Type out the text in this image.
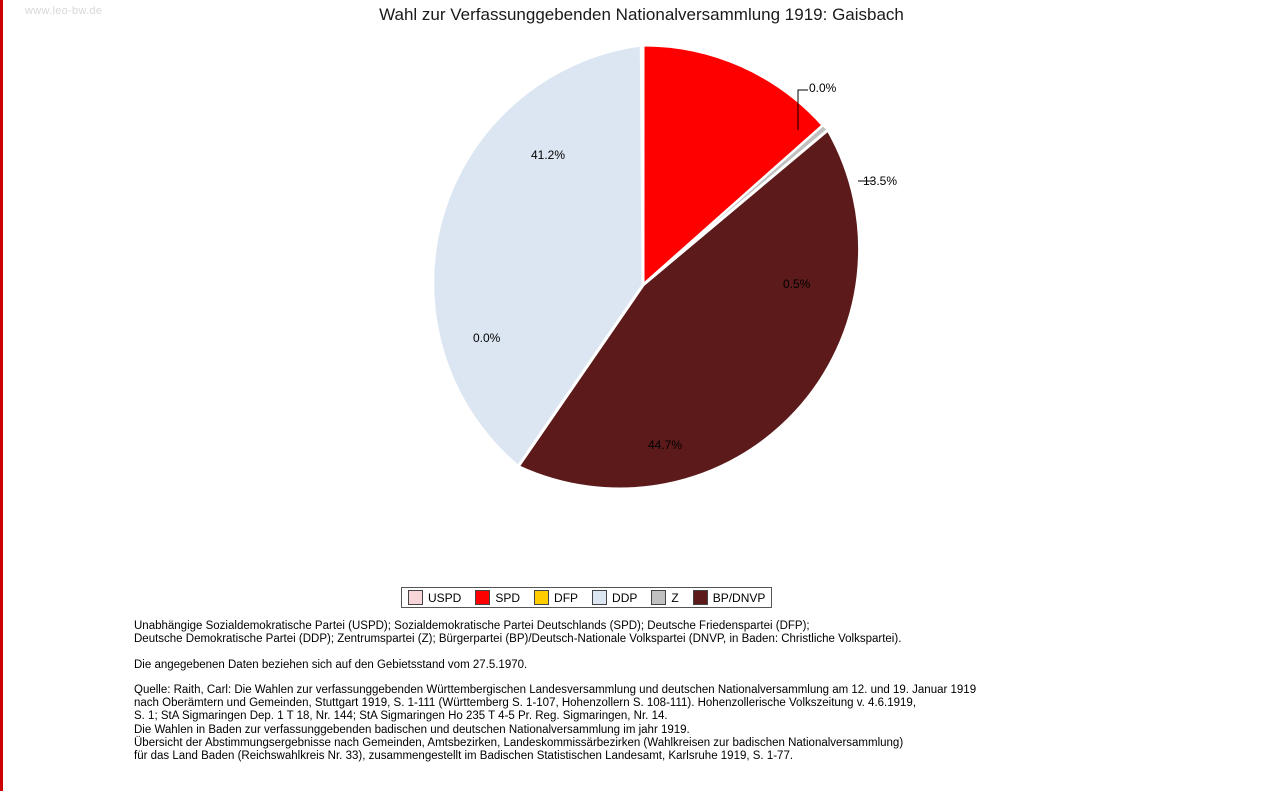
www.leo-bw.de	Wahl zur Verfassunggebenden Nationalversammlung 1919: Gaisbach
0.0%
13.5%
0.5%
0.0%
41.2%
44.7%
USPD	SPD	DFP	DDP	Z	BP/DNVP
Unabhängige Sozialdemokratische Partei (USPD); Sozialdemokratische Partei Deutschlands (SPD); Deutsche Friedenspartei (DFP);
Deutsche Demokratische Partei (DDP); Zentrumspartei (Z); Bürgerpartei (BP)/Deutsch-Nationale Volkspartei (DNVP, in Baden: Christliche Volkspartei).
Die angegebenen Daten beziehen sich auf den Gebietsstand vom 27.5.1970.
Quelle: Raith, Carl: Die Wahlen zur verfassunggebenden Württembergischen Landesversammlung und deutschen Nationalversammlung am 12. und 19. Januar 1919
nach Oberämtern und Gemeinden, Stuttgart 1919, S. 1-111 (Württemberg S. 1-107, Hohenzollern S. 108-111). Hohenzollerische Volkszeitung v. 4.6.1919,
S. 1; StA Sigmaringen Dep. 1 T 18, Nr. 144; StA Sigmaringen Ho 235 T 4-5 Pr. Reg. Sigmaringen, Nr. 14.
Die Wahlen in Baden zur verfassunggebenden badischen und deutschen Nationalversammlung im jahr 1919.
Übersicht der Abstimmungsergebnisse nach Gemeinden, Amtsbezirken, Landeskommissärbezirken (Wahlkreisen zur badischen Nationalversammlung)
für das Land Baden (Reichswahlkreis Nr. 33), zusammengestellt im Badischen Statistischen Landesamt, Karlsruhe 1919, S. 1-77.
